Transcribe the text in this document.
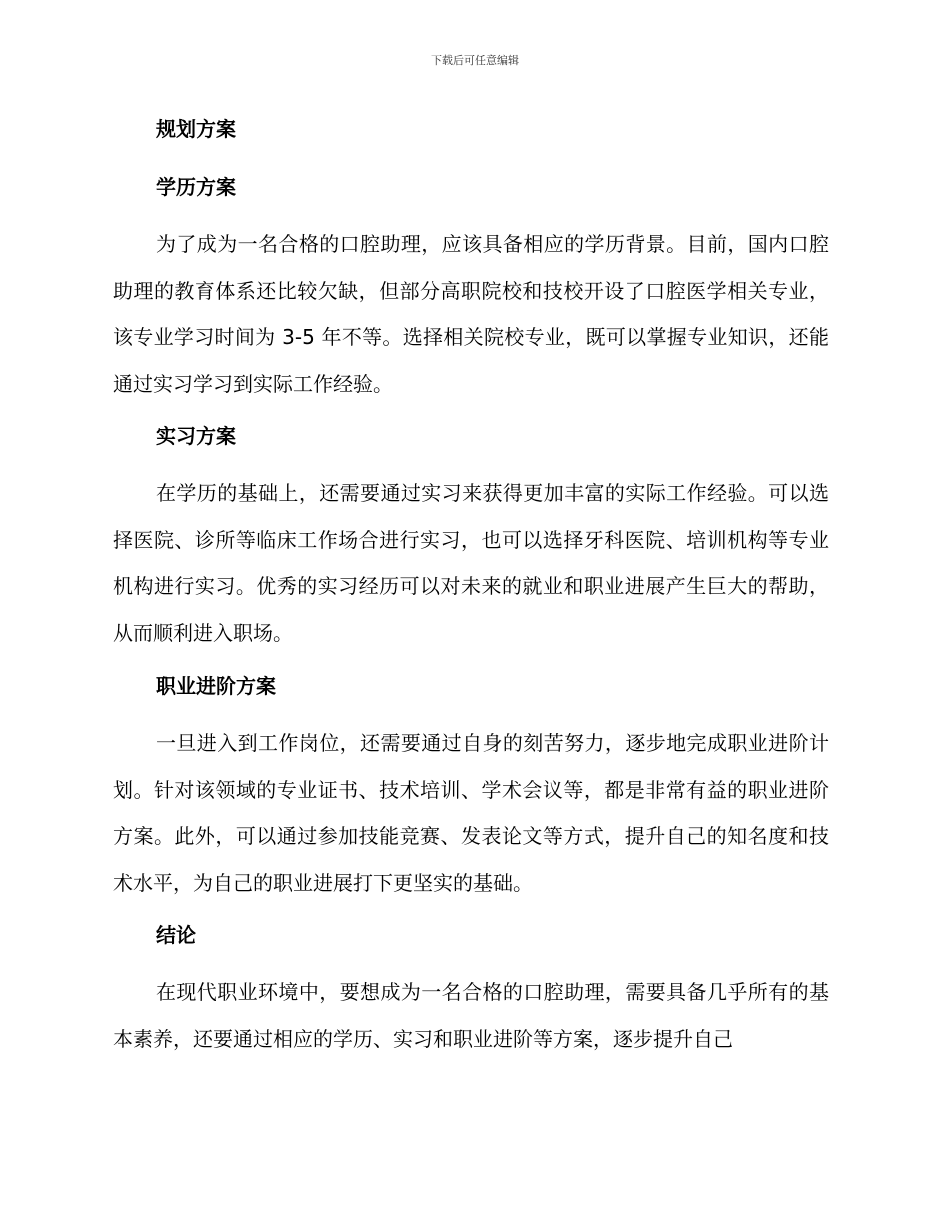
下载后可任意编辑
规划方案
学历方案
为了成为一名合格的口腔助理，应该具备相应的学历背景。目前，国内口腔助理的教育体系还比较欠缺，但部分高职院校和技校开设了口腔医学相关专业，该专业学习时间为 3-5 年不等。选择相关院校专业，既可以掌握专业知识，还能通过实习学习到实际工作经验。
实习方案
在学历的基础上，还需要通过实习来获得更加丰富的实际工作经验。可以选择医院、诊所等临床工作场合进行实习，也可以选择牙科医院、培训机构等专业机构进行实习。优秀的实习经历可以对未来的就业和职业进展产生巨大的帮助，从而顺利进入职场。
职业进阶方案
一旦进入到工作岗位，还需要通过自身的刻苦努力，逐步地完成职业进阶计划。针对该领域的专业证书、技术培训、学术会议等，都是非常有益的职业进阶方案。此外，可以通过参加技能竞赛、发表论文等方式，提升自己的知名度和技术水平，为自己的职业进展打下更坚实的基础。
结论
在现代职业环境中，要想成为一名合格的口腔助理，需要具备几乎所有的基本素养，还要通过相应的学历、实习和职业进阶等方案，逐步提升自己
